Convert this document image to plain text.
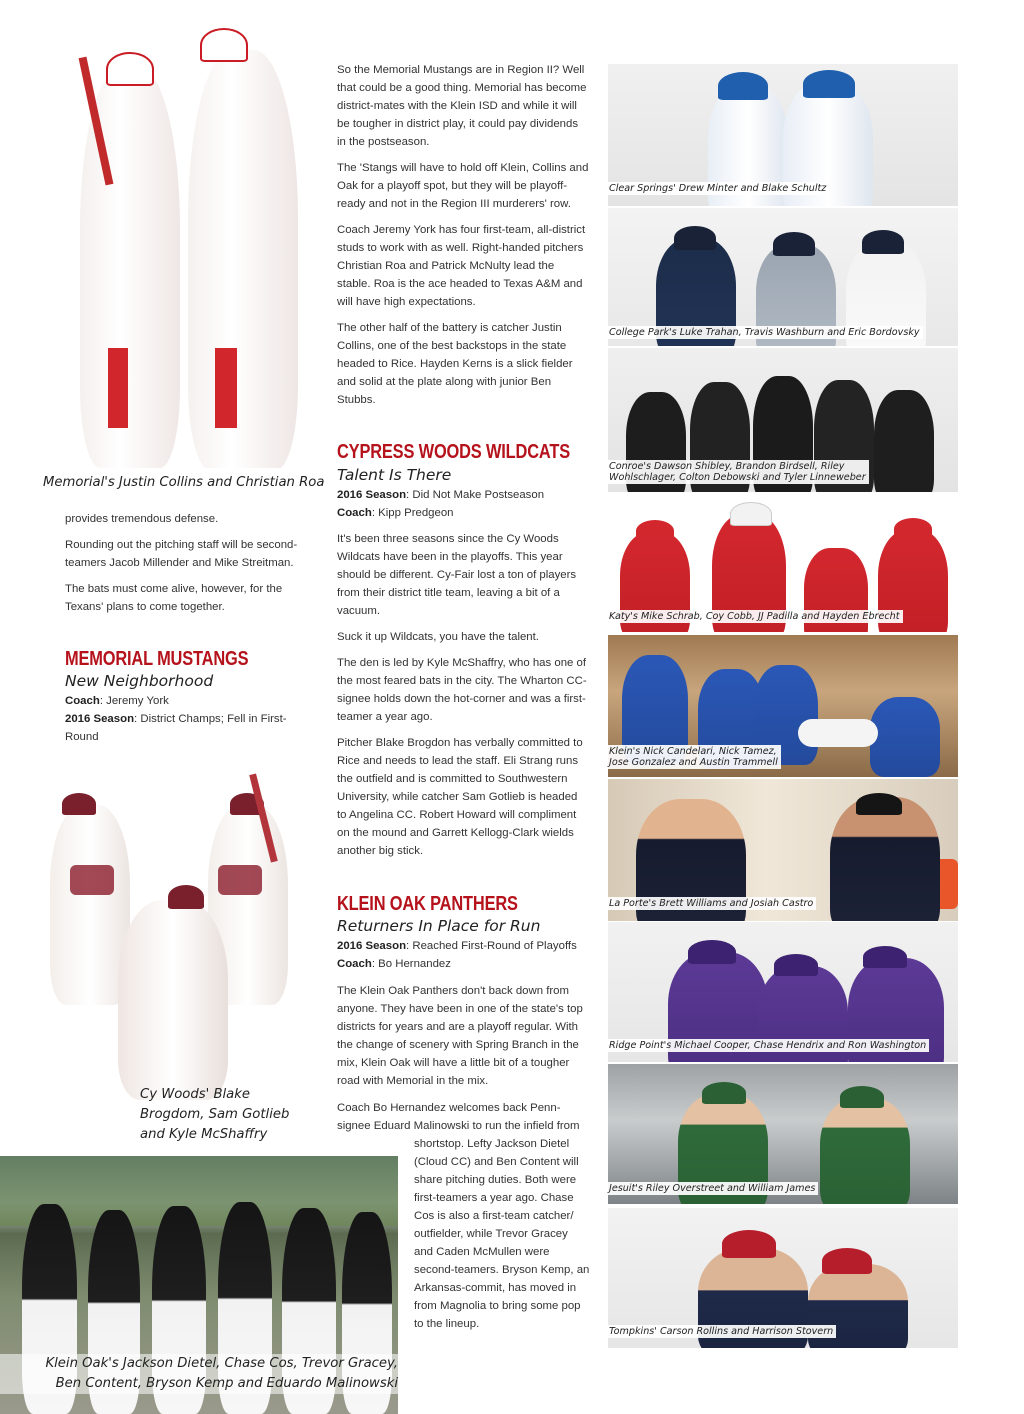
Memorial's Justin Collins and Christian Roa

provides tremendous defense.

Rounding out the pitching staff will be second-teamers Jacob Millender and Mike Streitman.

The bats must come alive, however, for the Texans' plans to come together.

MEMORIAL MUSTANGS
New Neighborhood
Coach: Jeremy York
2016 Season: District Champs; Fell in First-Round
Cy Woods' Blake
Brogdom, Sam Gotlieb
and Kyle McShaffry
Klein Oak's Jackson Dietel, Chase Cos, Trevor Gracey,
Ben Content, Bryson Kemp and Eduardo Malinowski

So the Memorial Mustangs are in Region II? Well that could be a good thing. Memorial has become district-mates with the Klein ISD and while it will be tougher in district play, it could pay dividends in the postseason.

The 'Stangs will have to hold off Klein, Collins and Oak for a playoff spot, but they will be playoff-ready and not in the Region III murderers' row.

Coach Jeremy York has four first-team, all-district studs to work with as well. Right-handed pitchers Christian Roa and Patrick McNulty lead the stable. Roa is the ace headed to Texas A&M and will have high expectations.

The other half of the battery is catcher Justin Collins, one of the best backstops in the state headed to Rice. Hayden Kerns is a slick fielder and solid at the plate along with junior Ben Stubbs.

CYPRESS WOODS WILDCATS
Talent Is There
2016 Season: Did Not Make Postseason
Coach: Kipp Predgeon

It's been three seasons since the Cy Woods Wildcats have been in the playoffs. This year should be different. Cy-Fair lost a ton of players from their district title team, leaving a bit of a vacuum.

Suck it up Wildcats, you have the talent.

The den is led by Kyle McShaffry, who has one of the most feared bats in the city. The Wharton CC-signee holds down the hot-corner and was a first-teamer a year ago.

Pitcher Blake Brogdon has verbally committed to Rice and needs to lead the staff. Eli Strang runs the outfield and is committed to Southwestern University, while catcher Sam Gotlieb is headed to Angelina CC. Robert Howard will compliment on the mound and Garrett Kellogg-Clark wields another big stick.

KLEIN OAK PANTHERS
Returners In Place for Run
2016 Season: Reached First-Round of Playoffs
Coach: Bo Hernandez

The Klein Oak Panthers don't back down from anyone. They have been in one of the state's top districts for years and are a playoff regular. With the change of scenery with Spring Branch in the mix, Klein Oak will have a little bit of a tougher road with Memorial in the mix.

Coach Bo Hernandez welcomes back Penn-
signee Eduard Malinowski to run the infield from
shortstop. Lefty Jackson Dietel
(Cloud CC) and Ben Content will
share pitching duties. Both were
first-teamers a year ago. Chase
Cos is also a first-team catcher/
outfielder, while Trevor Gracey
and Caden McMullen were
second-teamers. Bryson Kemp, an
Arkansas-commit, has moved in
from Magnolia to bring some pop
to the lineup.
Clear Springs' Drew Minter and Blake Schultz
College Park's Luke Trahan, Travis Washburn and Eric Bordovsky
Conroe's Dawson Shibley, Brandon Birdsell, Riley
Wohlschlager, Colton Debowski and Tyler Linneweber
Katy's Mike Schrab, Coy Cobb, JJ Padilla and Hayden Ebrecht
Klein's Nick Candelari, Nick Tamez,
Jose Gonzalez and Austin Trammell
La Porte's Brett Williams and Josiah Castro
Ridge Point's Michael Cooper, Chase Hendrix and Ron Washington
Jesuit's Riley Overstreet and William James
Tompkins' Carson Rollins and Harrison Stovern
